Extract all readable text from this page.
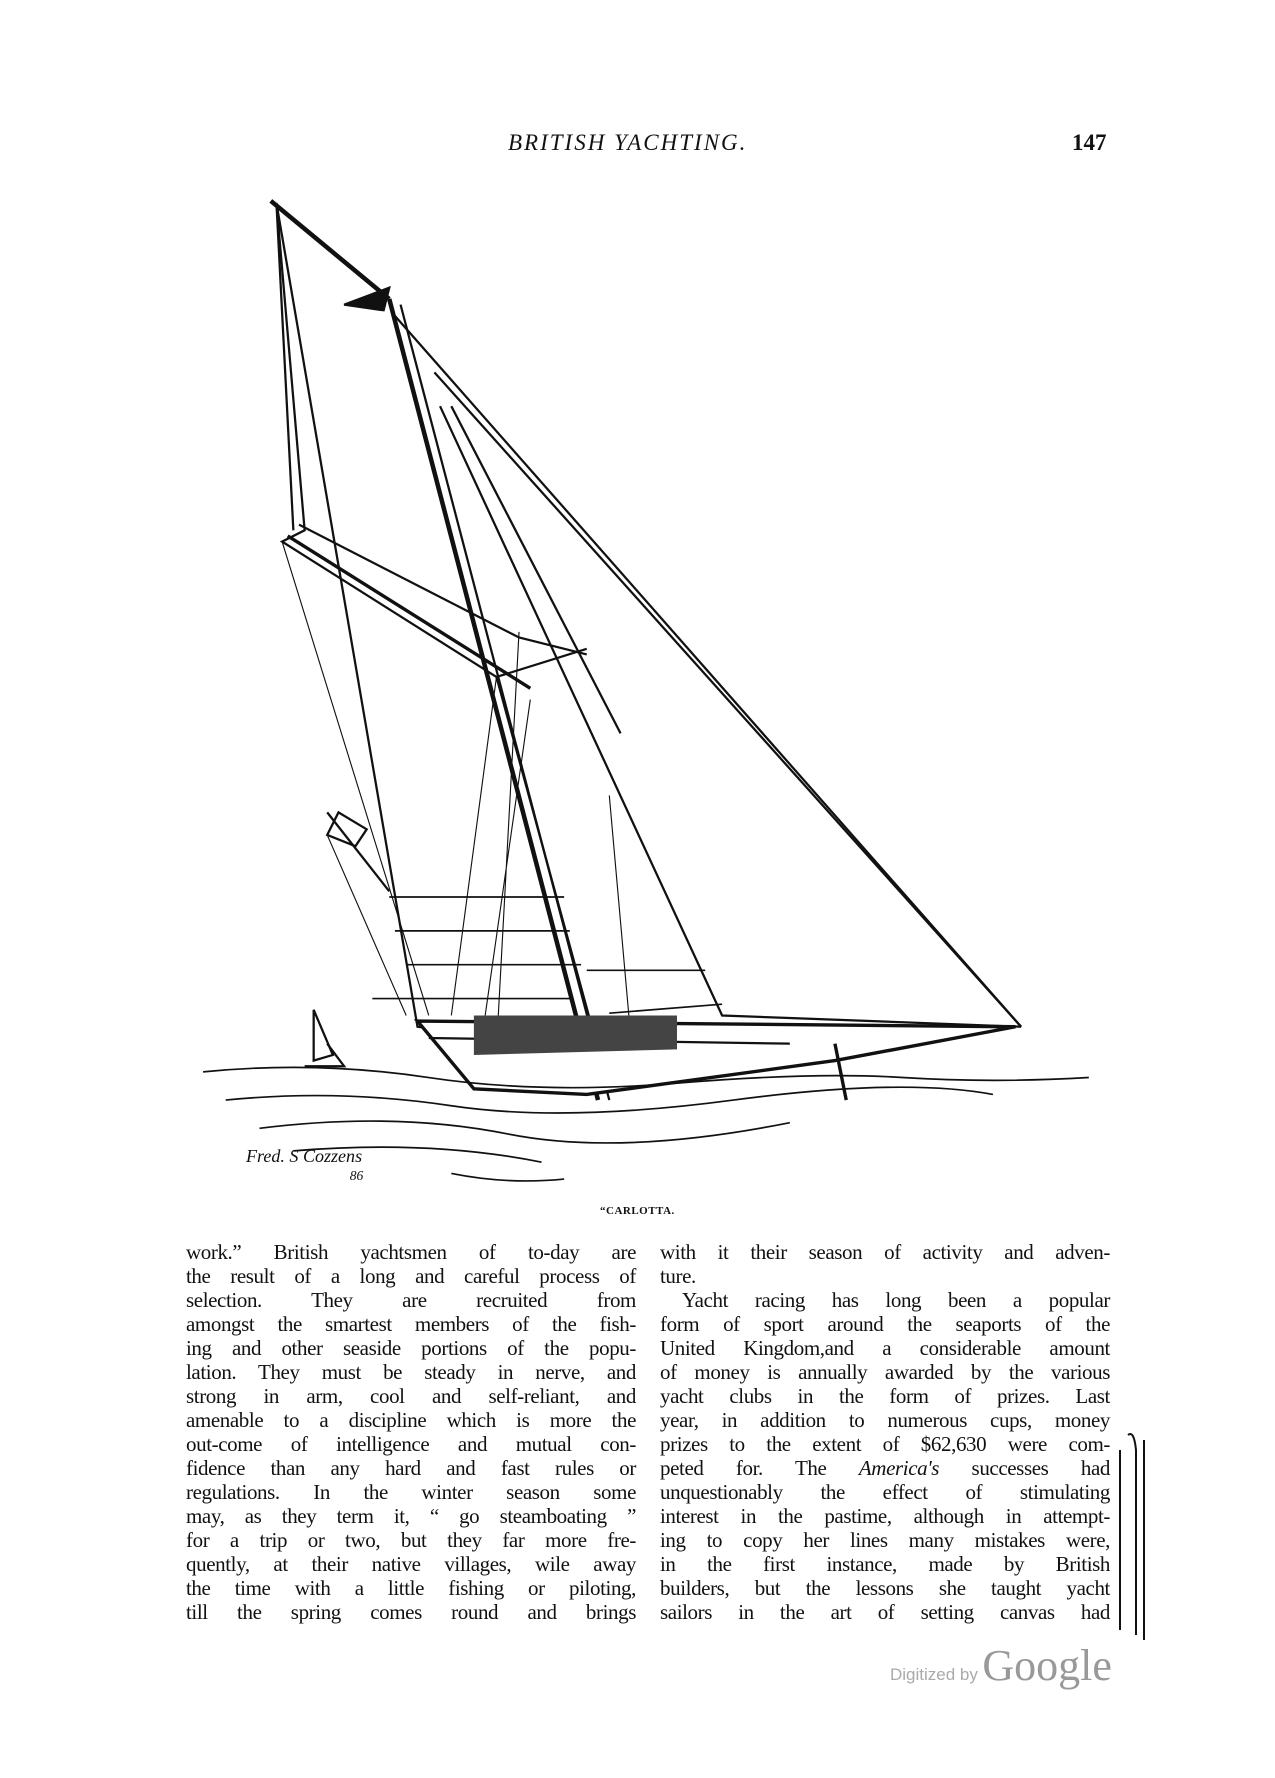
BRITISH YACHTING.	147
Fred. S Cozzens
86
“CARLOTTA.
work.” British yachtsmen of to-day are
the result of a long and careful process of
selection. They are recruited from
amongst the smartest members of the fish-
ing and other seaside portions of the popu-
lation. They must be steady in nerve, and
strong in arm, cool and self-reliant, and
amenable to a discipline which is more the
out-come of intelligence and mutual con-
fidence than any hard and fast rules or
regulations. In the winter season some
may, as they term it, “ go steamboating ”
for a trip or two, but they far more fre-
quently, at their native villages, wile away
the time with a little fishing or piloting,
till the spring comes round and brings
with it their season of activity and adven-
ture.
Yacht racing has long been a popular
form of sport around the seaports of the
United Kingdom,and a considerable amount
of money is annually awarded by the various
yacht clubs in the form of prizes. Last
year, in addition to numerous cups, money
prizes to the extent of $62,630 were com-
peted for. The America's successes had
unquestionably the effect of stimulating
interest in the pastime, although in attempt-
ing to copy her lines many mistakes were,
in the first instance, made by British
builders, but the lessons she taught yacht
sailors in the art of setting canvas had
Digitized by Google
